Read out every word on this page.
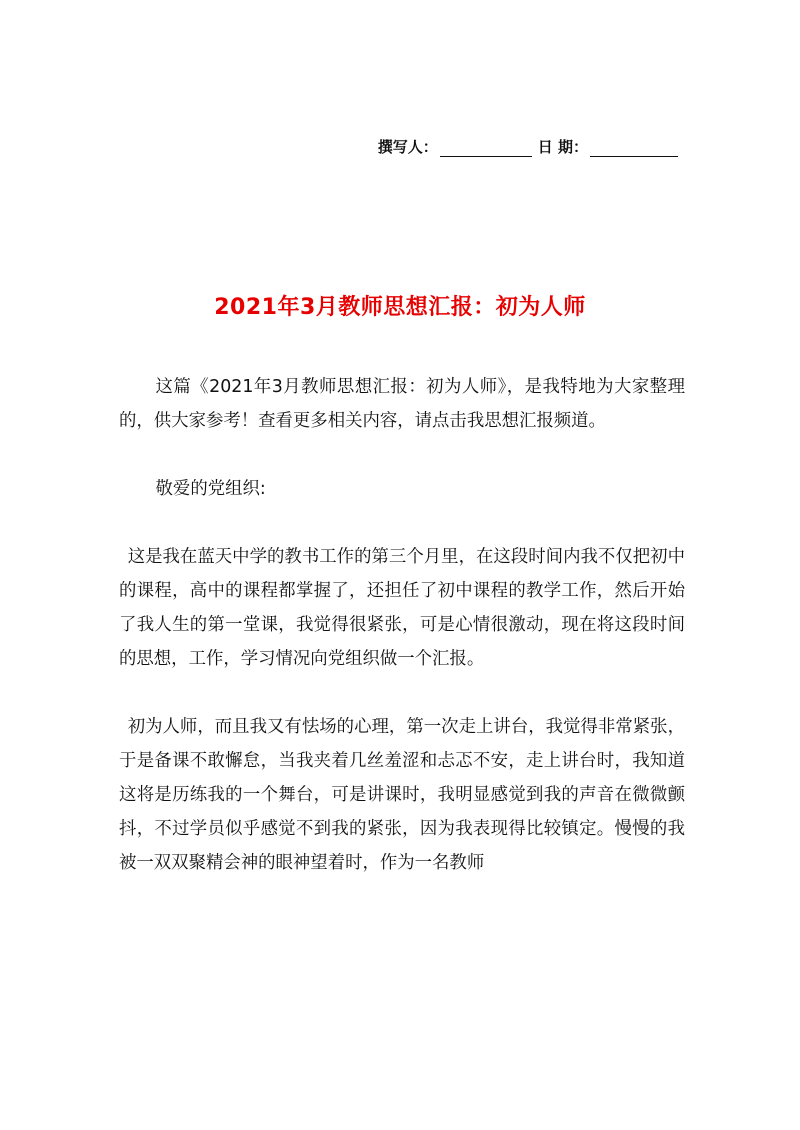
撰写人：	日 期：
2021年3月教师思想汇报：初为人师

这篇《2021年3月教师思想汇报：初为人师》，是我特地为大家整理的，供大家参考！查看更多相关内容，请点击我思想汇报频道。

敬爱的党组织:

这是我在蓝天中学的教书工作的第三个月里，在这段时间内我不仅把初中的课程，高中的课程都掌握了，还担任了初中课程的教学工作，然后开始了我人生的第一堂课，我觉得很紧张，可是心情很激动，现在将这段时间的思想，工作，学习情况向党组织做一个汇报。

初为人师，而且我又有怯场的心理，第一次走上讲台，我觉得非常紧张，于是备课不敢懈怠，当我夹着几丝羞涩和忐忑不安，走上讲台时，我知道这将是历练我的一个舞台，可是讲课时，我明显感觉到我的声音在微微颤抖，不过学员似乎感觉不到我的紧张，因为我表现得比较镇定。慢慢的我被一双双聚精会神的眼神望着时，作为一名教师
